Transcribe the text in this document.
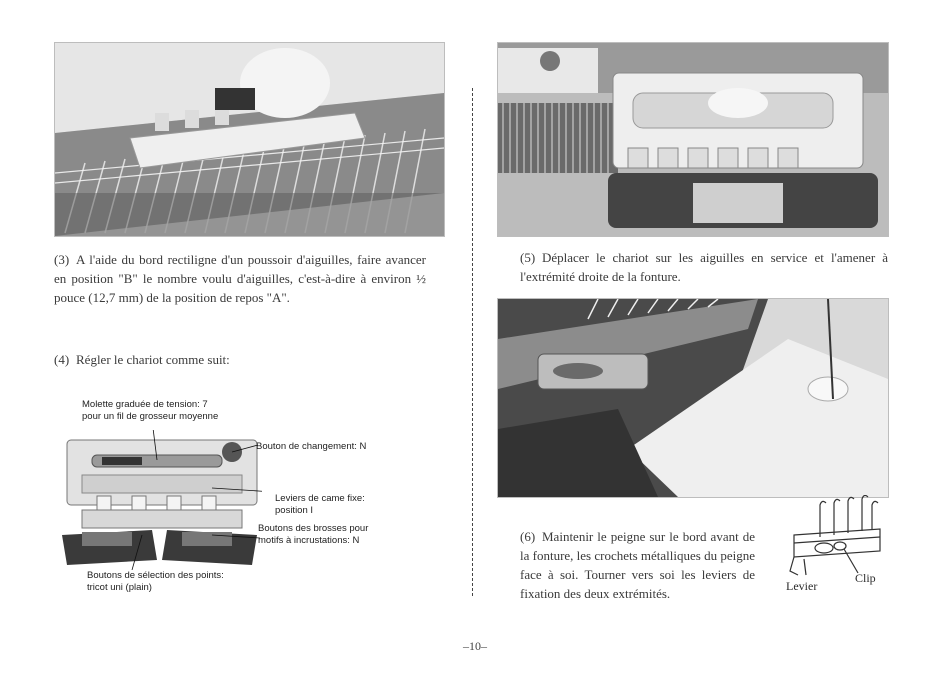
(3) A l'aide du bord rectiligne d'un poussoir d'aiguilles, faire avancer en position "B" le nombre voulu d'aiguilles, c'est-à-dire à environ ½ pouce (12,7 mm) de la position de repos "A".
(4) Régler le chariot comme suit:
Molette graduée de tension: 7
pour un fil de grosseur moyenne
Bouton de changement: N
Leviers de came fixe:
position I
Boutons des brosses pour
motifs à incrustations: N
Boutons de sélection des points:
tricot uni (plain)
(5) Déplacer le chariot sur les aiguilles en service et l'amener à l'extrémité droite de la fonture.
(6) Maintenir le peigne sur le bord avant de la fonture, les crochets métalliques du peigne face à soi. Tourner vers soi les leviers de fixation des deux extrémités.
Clip
Levier
–10–
